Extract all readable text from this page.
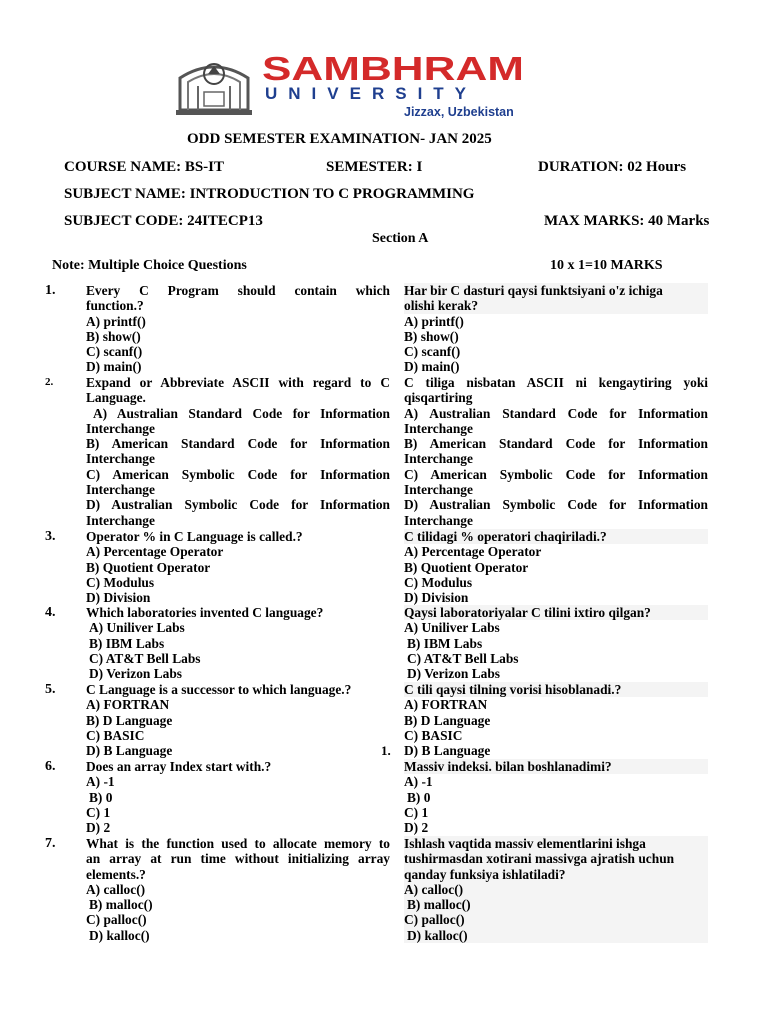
SAMBHRAM
UNIVERSITY
Jizzax, Uzbekistan
ODD SEMESTER EXAMINATION- JAN 2025
COURSE NAME: BS-IT	SEMESTER: I	DURATION: 02 Hours
SUBJECT NAME: INTRODUCTION TO C PROGRAMMING
SUBJECT CODE: 24ITECP13	MAX MARKS: 40 Marks
Section A
Note: Multiple Choice Questions	10 x 1=10 MARKS
1.	Every C Program should contain which
function.?
A) printf()
B) show()
C) scanf()
D) main()
Har bir C dasturi qaysi funktsiyani o'z ichiga
olishi kerak?
A) printf()
B) show()
C) scanf()
D) main()
2.	Expand or Abbreviate ASCII with regard to C
Language.
A) Australian Standard Code for Information
Interchange
B) American Standard Code for Information
Interchange
C) American Symbolic Code for Information
Interchange
D) Australian Symbolic Code for Information
Interchange
C tiliga nisbatan ASCII ni kengaytiring yoki
qisqartiring
A) Australian Standard Code for Information
Interchange
B) American Standard Code for Information
Interchange
C) American Symbolic Code for Information
Interchange
D) Australian Symbolic Code for Information
Interchange
3.	Operator % in C Language is called.?
A) Percentage Operator
B) Quotient Operator
C) Modulus
D) Division
C tilidagi % operatori chaqiriladi.?
A) Percentage Operator
B) Quotient Operator
C) Modulus
D) Division
4.	Which laboratories invented C language?
A) Uniliver Labs
B) IBM Labs
C) AT&T Bell Labs
D) Verizon Labs
Qaysi laboratoriyalar C tilini ixtiro qilgan?
A) Uniliver Labs
B) IBM Labs
C) AT&T Bell Labs
D) Verizon Labs
5.	C Language is a successor to which language.?
A) FORTRAN
B) D Language
C) BASIC
D) B Language	1.
C tili qaysi tilning vorisi hisoblanadi.?
A) FORTRAN
B) D Language
C) BASIC
D) B Language
6.	Does an array Index start with.?
A) -1
B) 0
C) 1
D) 2
Massiv indeksi. bilan boshlanadimi?
A) -1
B) 0
C) 1
D) 2
7.	What is the function used to allocate memory to
an array at run time without initializing array
elements.?
A) calloc()
B) malloc()
C) palloc()
D) kalloc()
Ishlash vaqtida massiv elementlarini ishga
tushirmasdan xotirani massivga ajratish uchun
qanday funksiya ishlatiladi?
A) calloc()
B) malloc()
C) palloc()
D) kalloc()
